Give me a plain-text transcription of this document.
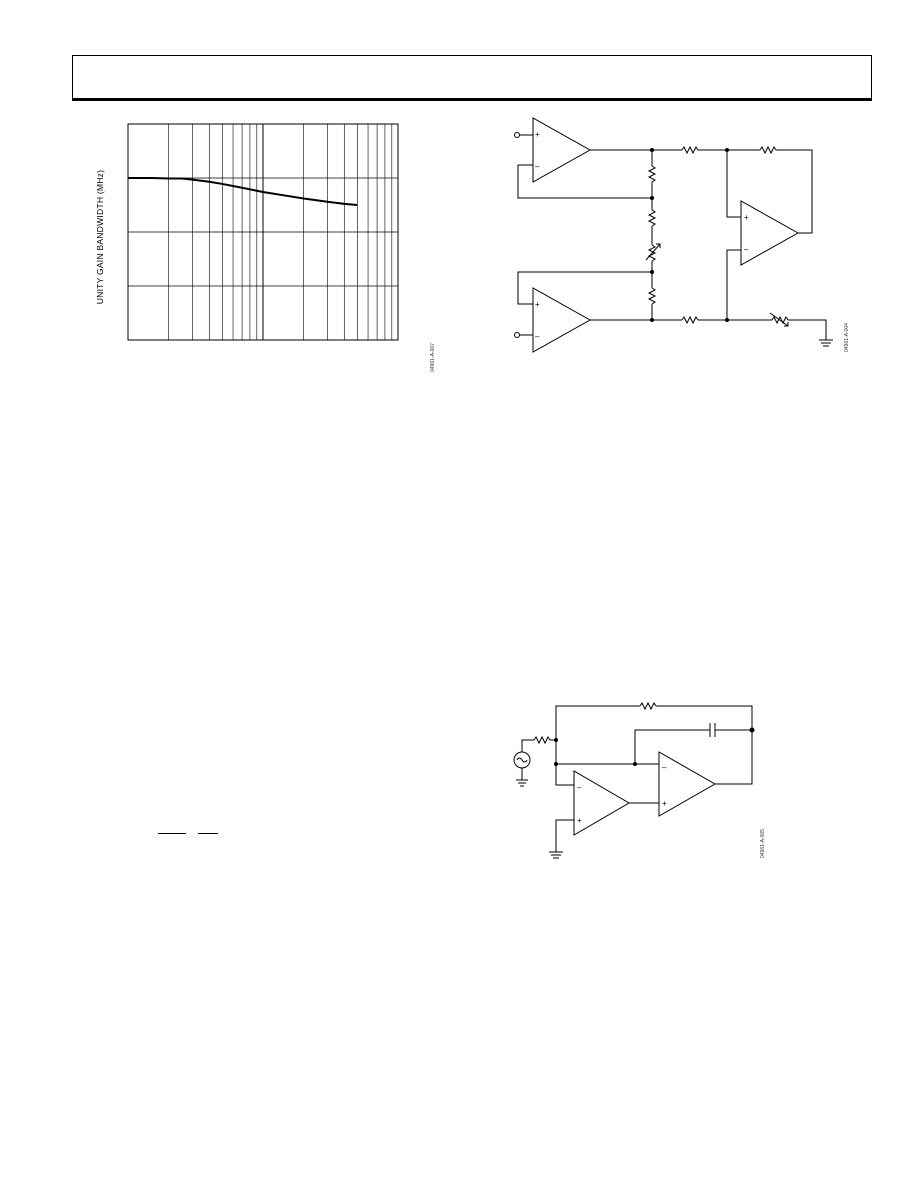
UNITY GAIN BANDWIDTH (MHz)
04961-A-007
+
–
+
–
+
–
04961-A-004
–
+
–
+
04961-A-005
